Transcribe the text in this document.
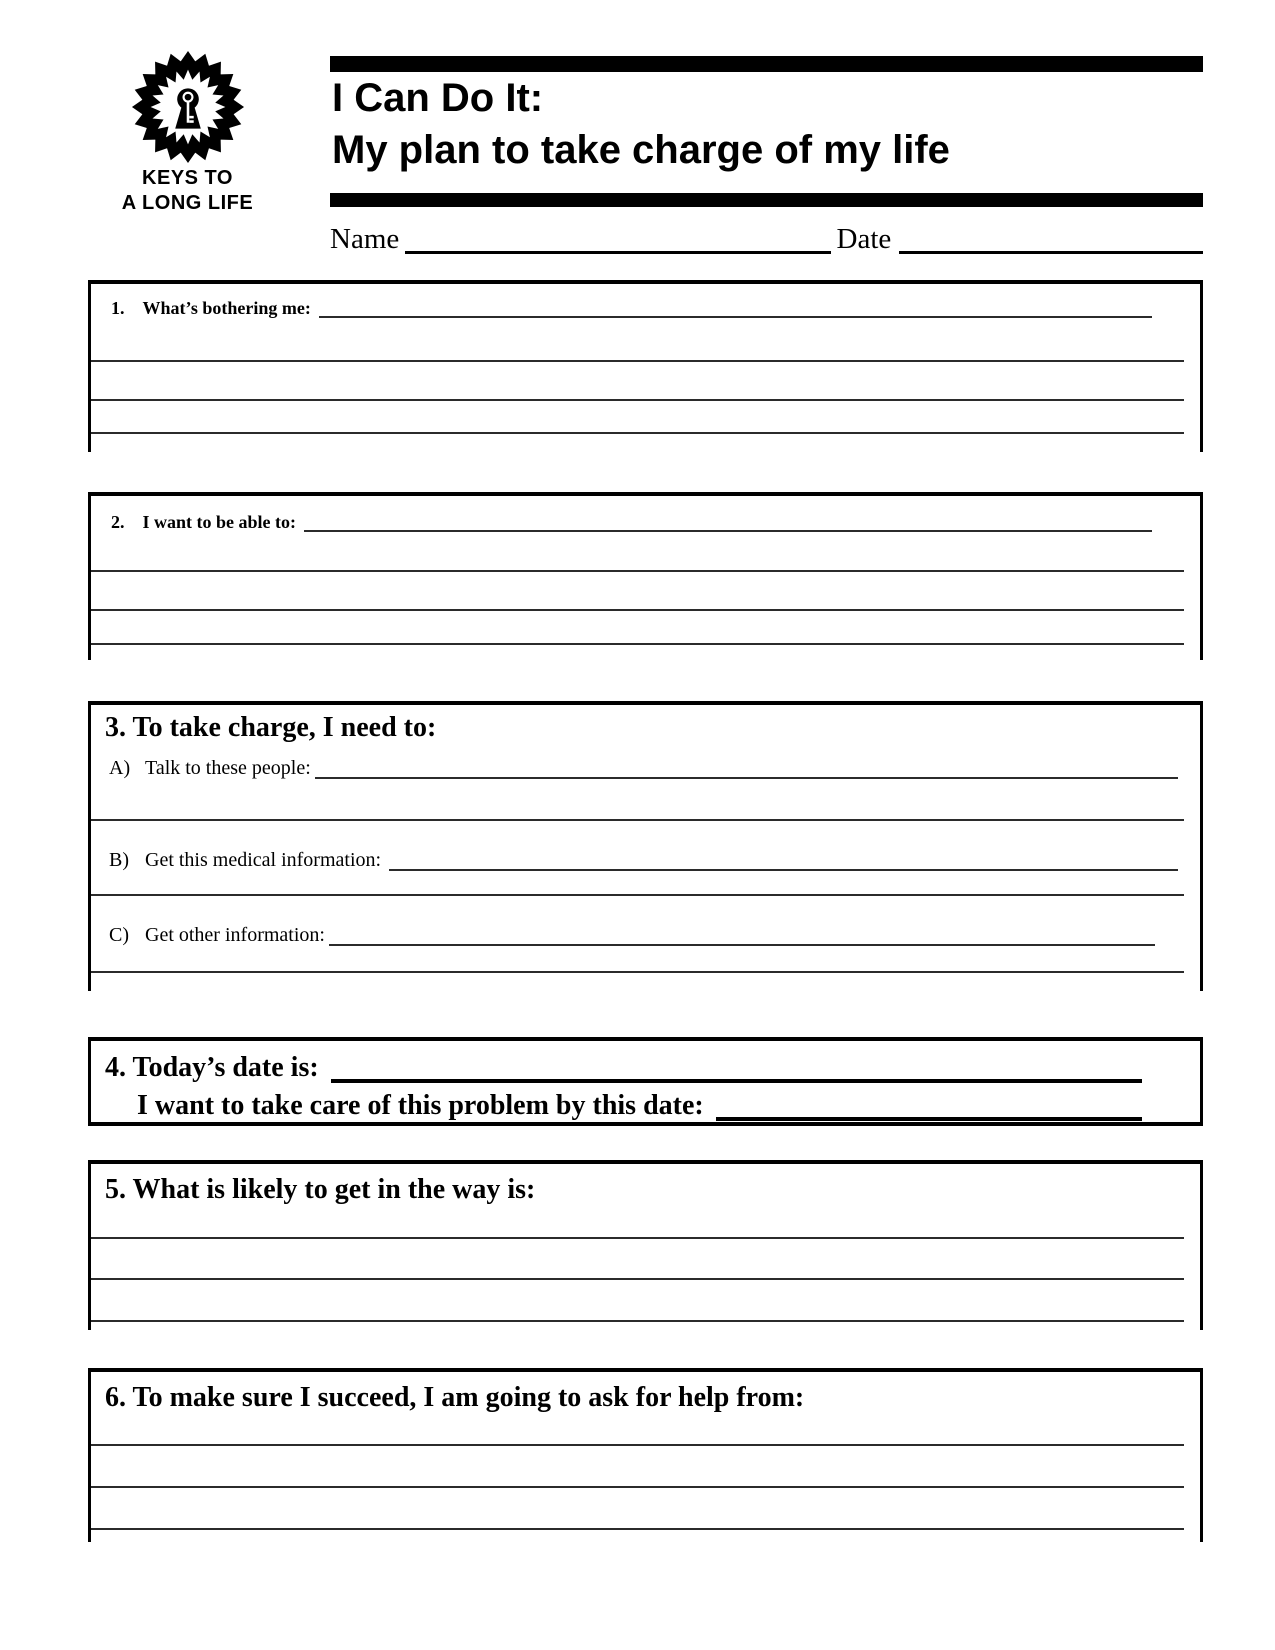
KEYS TO
A LONG LIFE
I Can Do It:
My plan to take charge of my life
Name	Date
1. What’s bothering me:
2. I want to be able to:
3. To take charge, I need to:
A) Talk to these people:
B) Get this medical information:
C) Get other information:
4. Today’s date is:
I want to take care of this problem by this date:
5. What is likely to get in the way is:
6. To make sure I succeed, I am going to ask for help from:
